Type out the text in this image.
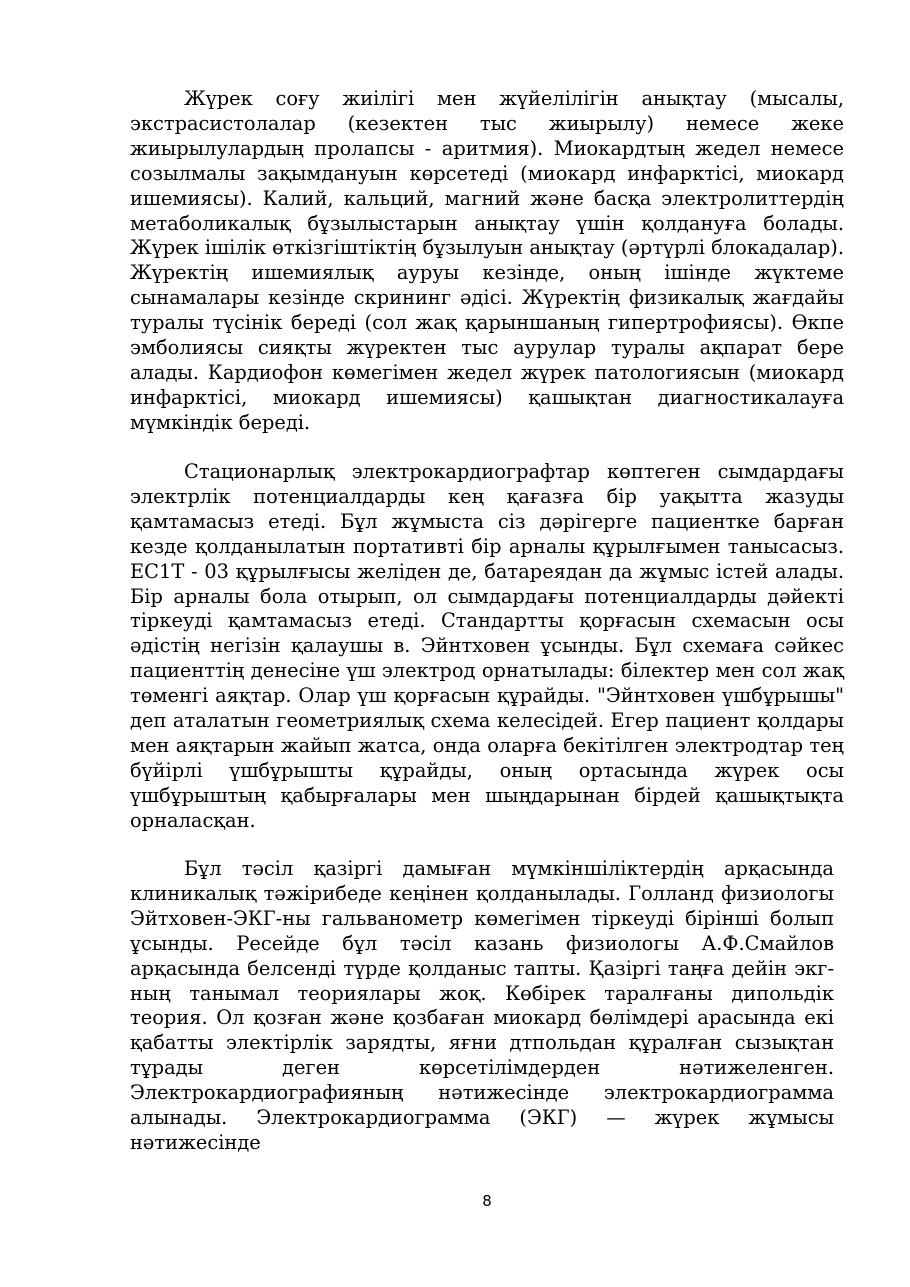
Жүрек соғу жиілігі мен жүйелілігін анықтау (мысалы, экстрасистолалар (кезектен тыс жиырылу) немесе жеке жиырылулардың пролапсы - аритмия). Миокардтың жедел немесе созылмалы зақымдануын көрсетеді (миокард инфарктісі, миокард ишемиясы). Калий, кальций, магний және басқа электролиттердің метаболикалық бұзылыстарын анықтау үшін қолдануға болады. Жүрек ішілік өткізгіштіктің бұзылуын анықтау (әртүрлі блокадалар). Жүректің ишемиялық ауруы кезінде, оның ішінде жүктеме сынамалары кезінде скрининг әдісі. Жүректің физикалық жағдайы туралы түсінік береді (сол жақ қарыншаның гипертрофиясы). Өкпе эмболиясы сияқты жүректен тыс аурулар туралы ақпарат бере алады. Кардиофон көмегімен жедел жүрек патологиясын (миокард инфарктісі, миокард ишемиясы) қашықтан диагностикалауға мүмкіндік береді.

Стационарлық электрокардиографтар көптеген сымдардағы электрлік потенциалдарды кең қағазға бір уақытта жазуды қамтамасыз етеді. Бұл жұмыста сіз дәрігерге пациентке барған кезде қолданылатын портативті бір арналы құрылғымен танысасыз. EC1T - 03 құрылғысы желіден де, батареядан да жұмыс істей алады. Бір арналы бола отырып, ол сымдардағы потенциалдарды дәйекті тіркеуді қамтамасыз етеді. Стандартты қорғасын схемасын осы әдістің негізін қалаушы в. Эйнтховен ұсынды. Бұл схемаға сәйкес пациенттің денесіне үш электрод орнатылады: білектер мен сол жақ төменгі аяқтар. Олар үш қорғасын құрайды. "Эйнтховен үшбұрышы" деп аталатын геометриялық схема келесідей. Егер пациент қолдары мен аяқтарын жайып жатса, онда оларға бекітілген электродтар тең бүйірлі үшбұрышты құрайды, оның ортасында жүрек осы үшбұрыштың қабырғалары мен шыңдарынан бірдей қашықтықта орналасқан.

Бұл тәсіл қазіргі дамыған мүмкіншіліктердің арқасында клиникалық тәжірибеде кеңінен қолданылады. Голланд физиологы Эйтховен-ЭКГ-ны гальванометр көмегімен тіркеуді бірінші болып ұсынды. Ресейде бұл тәсіл казань физиологы А.Ф.Смайлов арқасында белсенді түрде қолданыс тапты. Қазіргі таңға дейін экг-ның танымал теориялары жоқ. Көбірек таралғаны дипольдік теория. Ол қозған және қозбаған миокард бөлімдері арасында екі қабатты электірлік зарядты, яғни дтпольдан құралған сызықтан тұрады деген көрсетілімдерден нәтижеленген. Электрокардиографияның нәтижесінде электрокардиограмма алынады. Электрокардиограмма (ЭКГ) — жүрек жұмысы нәтижесінде

8
